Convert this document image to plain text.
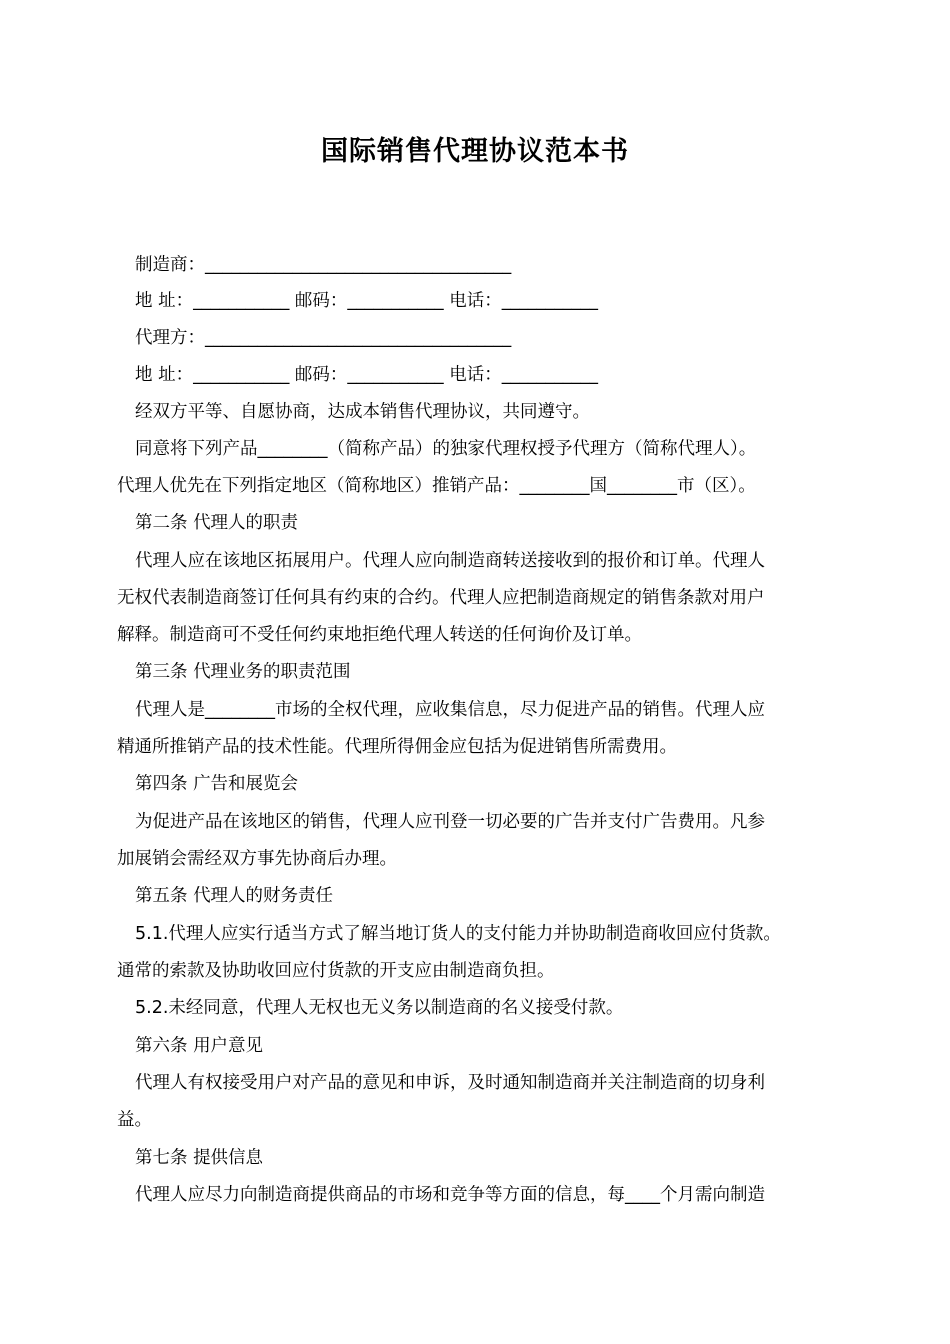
国际销售代理协议范本书
制造商：___________________________________
地 址：___________ 邮码：___________ 电话：___________
代理方：___________________________________
地 址：___________ 邮码：___________ 电话：___________
经双方平等、自愿协商，达成本销售代理协议，共同遵守。
同意将下列产品________（简称产品）的独家代理权授予代理方（简称代理人）。
代理人优先在下列指定地区（简称地区）推销产品：________国________市（区）。
第二条 代理人的职责
代理人应在该地区拓展用户。代理人应向制造商转送接收到的报价和订单。代理人
无权代表制造商签订任何具有约束的合约。代理人应把制造商规定的销售条款对用户
解释。制造商可不受任何约束地拒绝代理人转送的任何询价及订单。
第三条 代理业务的职责范围
代理人是________市场的全权代理，应收集信息，尽力促进产品的销售。代理人应
精通所推销产品的技术性能。代理所得佣金应包括为促进销售所需费用。
第四条 广告和展览会
为促进产品在该地区的销售，代理人应刊登一切必要的广告并支付广告费用。凡参
加展销会需经双方事先协商后办理。
第五条 代理人的财务责任
5.1.代理人应实行适当方式了解当地订货人的支付能力并协助制造商收回应付货款。
通常的索款及协助收回应付货款的开支应由制造商负担。
5.2.未经同意，代理人无权也无义务以制造商的名义接受付款。
第六条 用户意见
代理人有权接受用户对产品的意见和申诉，及时通知制造商并关注制造商的切身利
益。
第七条 提供信息
代理人应尽力向制造商提供商品的市场和竞争等方面的信息，每____个月需向制造
